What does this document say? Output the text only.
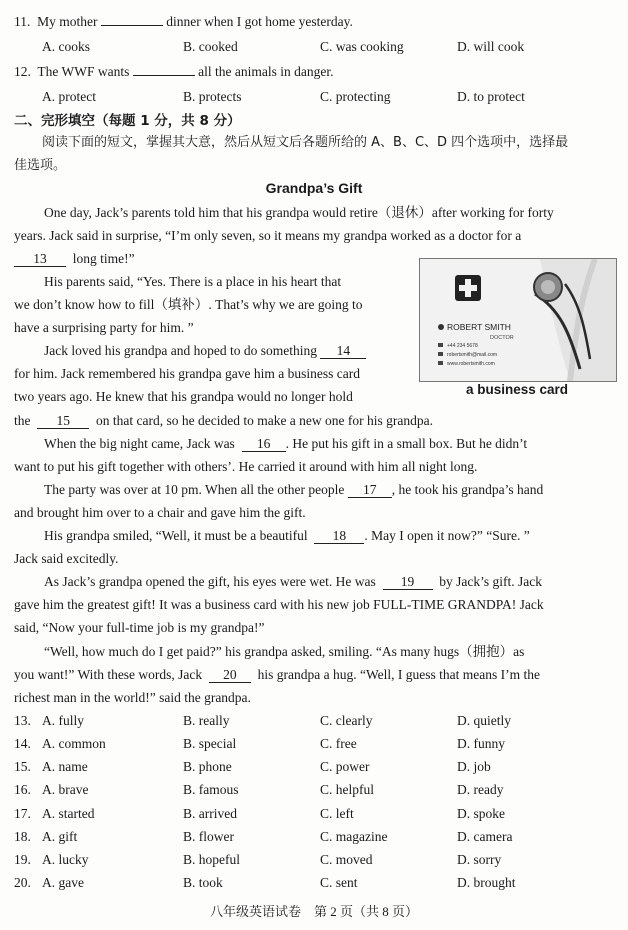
11. My mother	dinner when I got home yesterday.
A. cooks	B. cooked	C. was cooking	D. will cook
12. The WWF wants	all the animals in danger.
A. protect	B. protects	C. protecting	D. to protect
二、完形填空（每题 1 分，共 8 分）
阅读下面的短文，掌握其大意，然后从短文后各题所给的 A、B、C、D 四个选项中，选择最
佳选项。
Grandpa’s Gift
One day, Jack’s parents told him that his grandpa would retire（退休）after working for forty
years. Jack said in surprise, “I’m only seven, so it means my grandpa worked as a doctor for a
13 long time!”
His parents said, “Yes. There is a place in his heart that
we don’t know how to fill（填补）. That’s why we are going to
have a surprising party for him. ”
Jack loved his grandpa and hoped to do something 14
for him. Jack remembered his grandpa gave him a business card
two years ago. He knew that his grandpa would no longer hold
ROBERT SMITH
DOCTOR
+44 234 5678
robertsmith@mail.com
www.robertsmith.com
a business card
the 15 on that card, so he decided to make a new one for his grandpa.
When the big night came, Jack was 16 . He put his gift in a small box. But he didn’t
want to put his gift together with others’. He carried it around with him all night long.
The party was over at 10 pm. When all the other people 17 , he took his grandpa’s hand
and brought him over to a chair and gave him the gift.
His grandpa smiled, “Well, it must be a beautiful 18 . May I open it now?” “Sure. ”
Jack said excitedly.
As Jack’s grandpa opened the gift, his eyes were wet. He was 19 by Jack’s gift. Jack
gave him the greatest gift! It was a business card with his new job FULL-TIME GRANDPA! Jack
said, “Now your full-time job is my grandpa!”
“Well, how much do I get paid?” his grandpa asked, smiling. “As many hugs（拥抱）as
you want!” With these words, Jack 20 his grandpa a hug. “Well, I guess that means I’m the
richest man in the world!” said the grandpa.
13. A. fully	B. really	C. clearly	D. quietly
14. A. common	B. special	C. free	D. funny
15. A. name	B. phone	C. power	D. job
16. A. brave	B. famous	C. helpful	D. ready
17. A. started	B. arrived	C. left	D. spoke
18. A. gift	B. flower	C. magazine	D. camera
19. A. lucky	B. hopeful	C. moved	D. sorry
20. A. gave	B. took	C. sent	D. brought
八年级英语试卷　第 2 页（共 8 页）
